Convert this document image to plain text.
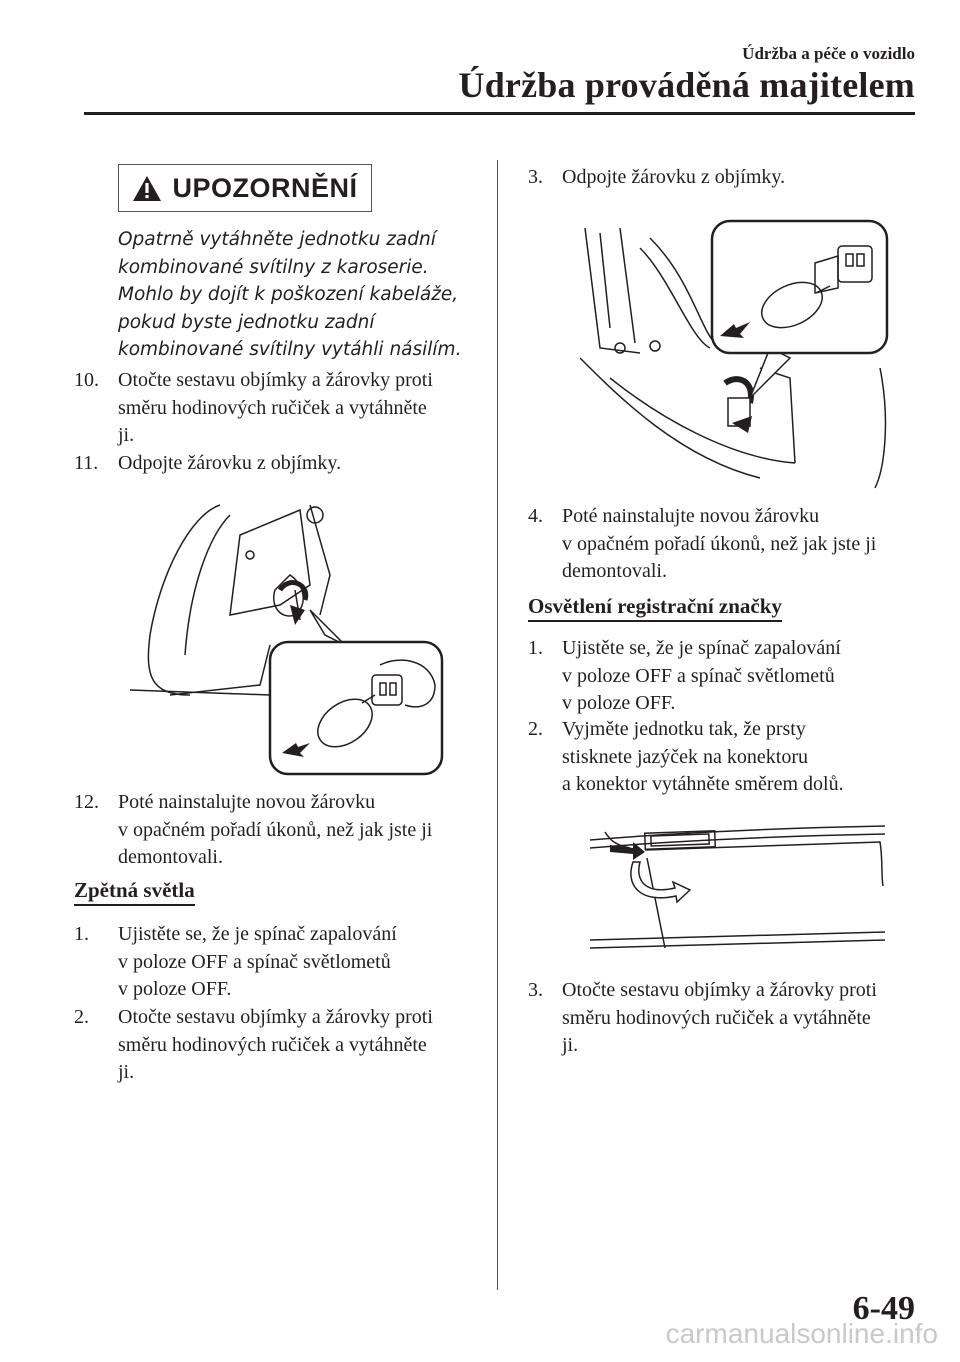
Údržba a péče o vozidlo
Údržba prováděná majitelem
UPOZORNĚNÍ
Opatrně vytáhněte jednotku zadní
kombinované svítilny z karoserie.
Mohlo by dojít k poškození kabeláže,
pokud byste jednotku zadní
kombinované svítilny vytáhli násilím.
10. Otočte sestavu objímky a žárovky proti
směru hodinových ručiček a vytáhněte
ji.
11. Odpojte žárovku z objímky.
12. Poté nainstalujte novou žárovku
v opačném pořadí úkonů, než jak jste ji
demontovali.
Zpětná světla
1. Ujistěte se, že je spínač zapalování
v poloze OFF a spínač světlometů
v poloze OFF.
2. Otočte sestavu objímky a žárovky proti
směru hodinových ručiček a vytáhněte
ji.
3. Odpojte žárovku z objímky.
4. Poté nainstalujte novou žárovku
v opačném pořadí úkonů, než jak jste ji
demontovali.
Osvětlení registrační značky
1. Ujistěte se, že je spínač zapalování
v poloze OFF a spínač světlometů
v poloze OFF.
2. Vyjměte jednotku tak, že prsty
stisknete jazýček na konektoru
a konektor vytáhněte směrem dolů.
3. Otočte sestavu objímky a žárovky proti
směru hodinových ručiček a vytáhněte
ji.
6-49
carmanualsonline.info
